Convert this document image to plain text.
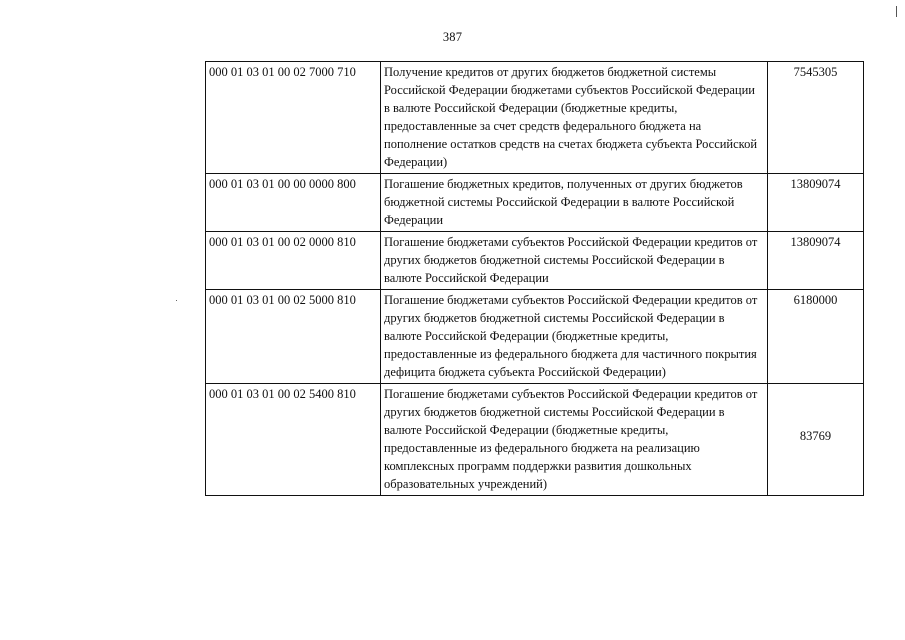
387
000 01 03 01 00 02 7000 710	Получение кредитов от других бюджетов бюджетной системы Российской Федерации бюджетами субъектов Российской Федерации в валюте Российской Федерации (бюджетные кредиты, предоставленные за счет средств федерального бюджета на пополнение остатков средств на счетах бюджета субъекта Российской Федерации)	7545305
000 01 03 01 00 00 0000 800	Погашение бюджетных кредитов, полученных от других бюджетов бюджетной системы Российской Федерации в валюте Российской Федерации	13809074
000 01 03 01 00 02 0000 810	Погашение бюджетами субъектов Российской Федерации кредитов от других бюджетов бюджетной системы Российской Федерации в валюте Российской Федерации	13809074
000 01 03 01 00 02 5000 810	Погашение бюджетами субъектов Российской Федерации кредитов от других бюджетов бюджетной системы Российской Федерации в валюте Российской Федерации (бюджетные кредиты, предоставленные из федерального бюджета для частичного покрытия дефицита бюджета субъекта Российской Федерации)	6180000
000 01 03 01 00 02 5400 810	Погашение бюджетами субъектов Российской Федерации кредитов от других бюджетов бюджетной системы Российской Федерации в валюте Российской Федерации (бюджетные кредиты, предоставленные из федерального бюджета на реализацию комплексных программ поддержки развития дошкольных образовательных учреждений)	83769
